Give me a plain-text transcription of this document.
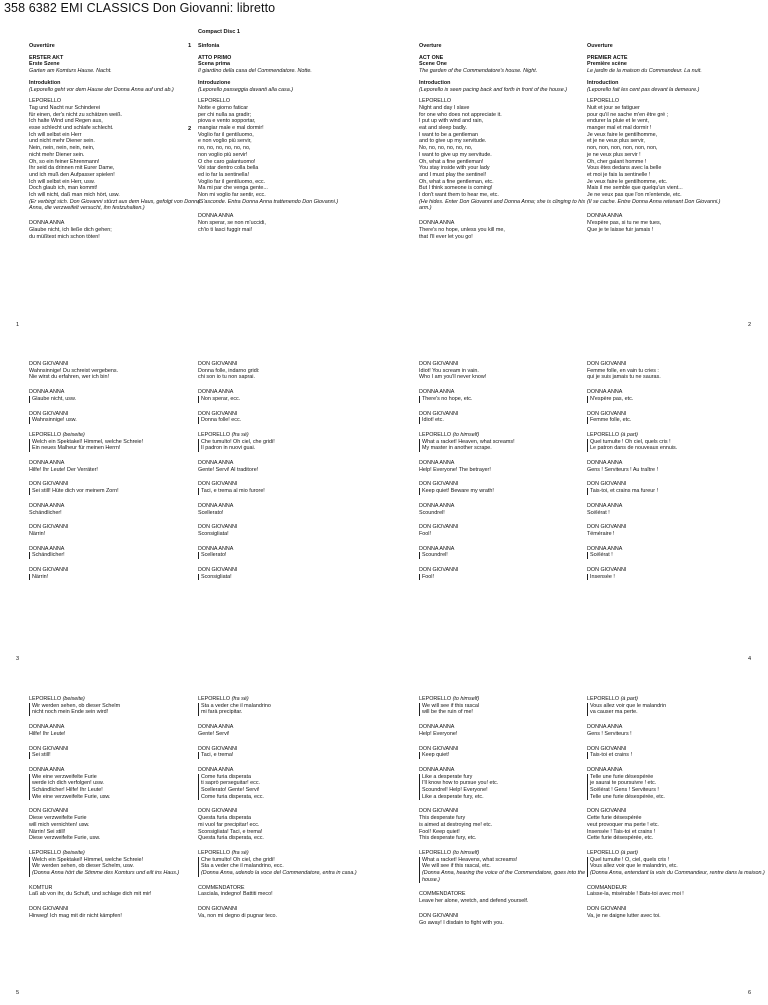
358 6382 EMI CLASSICS Don Giovanni: libretto
Compact Disc 1
1
2

Ouvertüre

ERSTER AKT

Erste Szene

Garten am Komturs Hause. Nacht.

Introduktion

(Leporello geht vor dem Hause der Donna Anna auf und ab.)

LEPORELLO

Tag und Nacht nur Schinderei
für einen, der's nicht zu schätzen weiß.
Ich halte Wind und Regen aus,
esse schlecht und schlafe schlecht.
Ich will selbst ein Herr
und nicht mehr Diener sein.
Nein, nein, nein, nein, nein,
nicht mehr Diener sein.
Oh, so ein feiner Ehrenmann!
Ihr seid da drinnen mit Eurer Dame,
und ich muß den Aufpasser spielen!
Ich will selbst ein Herr, usw.
Doch glaub ich, man kommt!
Ich will nicht, daß man mich hört, usw.

(Er verbirgt sich. Don Giovanni stürzt aus dem Haus, gefolgt von Donna Anna, die verzweifelt versucht, ihn festzuhalten.)

DONNA ANNA

Glaube nicht, ich ließe dich gehen;
du müßtest mich schon töten!

Sinfonia

ATTO PRIMO

Scena prima

Il giardino della casa del Commendatore. Notte.

Introduzione

(Leporello passeggia davanti alla casa.)

LEPORELLO

Notte e giorno faticar
per chi nulla sa gradir;
piova e vento sopportar,
mangiar male e mal dormir!
Voglio far il gentiluomo,
e non voglio più servir,
no, no, no, no, no, no,
non voglio più servir!
O che caro galantuomo!
Voi star dentro colla bella
ed io far la sentinella!
Voglio far il gentiluomo, ecc.
Ma mi par che venga gente...
Non mi voglio far sentir, ecc.

(S'asconde. Entra Donna Anna trattenendo Don Giovanni.)

DONNA ANNA

Non sperar, se non m'uccidi,
ch'io ti lasci fuggir mai!

Overture

ACT ONE

Scene One

The garden of the Commendatore's house. Night.

Introduction

(Leporello is seen pacing back and forth in front of the house.)

LEPORELLO

Night and day I slave
for one who does not appreciate it.
I put up with wind and rain,
eat and sleep badly.
I want to be a gentleman
and to give up my servitude.
No, no, no, no, no, no,
I want to give up my servitude.
Oh, what a fine gentleman!
You stay inside with your lady
and I must play the sentinel!
Oh, what a fine gentleman, etc.
But I think someone is coming!
I don't want them to hear me, etc.

(He hides. Enter Don Giovanni and Donna Anna; she is clinging to his arm.)

DONNA ANNA

There's no hope, unless you kill me,
that I'll ever let you go!

Ouverture

PREMIER ACTE

Première scène

Le jardin de la maison du Commandeur. La nuit.

Introduction

(Leporello fait les cent pas devant la demeure.)

LEPORELLO

Nuit et jour se fatiguer
pour qu'il ne sache m'en être gré ;
endurer la pluie et le vent,
manger mal et mal dormir !
Je veux faire le gentilhomme,
et je ne veux plus servir,
non, non, non, non, non, non,
je ne veux plus servir !
Oh, cher galant homme !
Vous êtes dedans avec la belle
et moi je fais la sentinelle !
Je veux faire le gentilhomme, etc.
Mais il me semble que quelqu'un vient...
Je ne veux pas que l'on m'entende, etc.

(Il se cache. Entre Donna Anna retenant Don Giovanni.)

DONNA ANNA

N'espère pas, si tu ne me tues,
Que je te laisse fuir jamais !

DON GIOVANNI

Wahnsinnige! Du schreist vergebens.
Nie wirst du erfahren, wer ich bin!

DONNA ANNA

Glaube nicht, usw.

DON GIOVANNI

Wahnsinnige! usw.

LEPORELLO (beiseite)

Welch ein Spektakel! Himmel, welche Schreie!
Ein neues Malheur für meinen Herrn!

DONNA ANNA

Hilfe! Ihr Leute! Der Verräter!

DON GIOVANNI

Sei still! Hüte dich vor meinem Zorn!

DONNA ANNA

Schändlicher!

DON GIOVANNI

Närrin!

DONNA ANNA

Schändlicher!

DON GIOVANNI

Närrin!

DON GIOVANNI

Donna folle, indarno gridi:
chi son io tu non saprai.

DONNA ANNA

Non sperar, ecc.

DON GIOVANNI

Donna folle! ecc.

LEPORELLO (fra sé)

Che tumulto! Oh ciel, che gridi!
Il padron in nuovi guai.

DONNA ANNA

Gente! Servi! Al traditore!

DON GIOVANNI

Taci, e trema al mio furore!

DONNA ANNA

Scellerato!

DON GIOVANNI

Sconsigliata!

DONNA ANNA

Scellerato!

DON GIOVANNI

Sconsigliata!

DON GIOVANNI

Idiot! You scream in vain.
Who I am you'll never know!

DONNA ANNA

There's no hope, etc.

DON GIOVANNI

Idiot! etc.

LEPORELLO (to himself)

What a racket! Heaven, what screams!
My master in another scrape.

DONNA ANNA

Help! Everyone! The betrayer!

DON GIOVANNI

Keep quiet! Beware my wrath!

DONNA ANNA

Scoundrel!

DON GIOVANNI

Fool!

DONNA ANNA

Scoundrel!

DON GIOVANNI

Fool!

DON GIOVANNI

Femme folle, en vain tu cries :
qui je suis jamais tu ne sauras.

DONNA ANNA

N'espère pas, etc.

DON GIOVANNI

Femme folle, etc.

LEPORELLO (à part)

Quel tumulte ! Oh ciel, quels cris !
Le patron dans de nouveaux ennuis.

DONNA ANNA

Gens ! Serviteurs ! Au traître !

DON GIOVANNI

Tais-toi, et crains ma fureur !

DONNA ANNA

Scélérat !

DON GIOVANNI

Téméraire !

DONNA ANNA

Scélérat !

DON GIOVANNI

Insensée !

LEPORELLO (beiseite)

Wir werden sehen, ob dieser Schelm
nicht noch mein Ende sein wird!

DONNA ANNA

Hilfe! Ihr Leute!

DON GIOVANNI

Sei still!

DONNA ANNA

Wie eine verzweifelte Furie
werde ich dich verfolgen! usw.
Schändlicher! Hilfe! Ihr Leute!
Wie eine verzweifelte Furie, usw.

DON GIOVANNI

Diese verzweifelte Furie
will mich vernichten! usw.
Närrin! Sei still!
Diese verzweifelte Furie, usw.

LEPORELLO (beiseite)

Welch ein Spektakel! Himmel, welche Schreie!
Wir werden sehen, ob dieser Schelm, usw.
(Donna Anna hört die Stimme des Komturs und eilt ins Haus.)

KOMTUR

Laß ab von ihr, du Schuft, und schlage dich mit mir!

DON GIOVANNI

Hinweg! Ich mag mit dir nicht kämpfen!

LEPORELLO (fra sé)

Sta a veder che il malandrino
mi farà precipitar.

DONNA ANNA

Gente! Servi!

DON GIOVANNI

Taci, e trema!

DONNA ANNA

Come furia disperata
ti saprò perseguitar! ecc.
Scellerato! Gente! Servi!
Come furia disperata, ecc.

DON GIOVANNI

Questa furia disperata
mi vuol far precipitar! ecc.
Sconsigliata! Taci, e trema!
Questa furia disperata, ecc.

LEPORELLO (fra sé)

Che tumulto! Oh ciel, che gridi!
Sta a veder che il malandrino, ecc.
(Donna Anna, udendo la voce del Commendatore, entra in casa.)

COMMENDATORE

Lasciala, indegno! Battiti meco!

DON GIOVANNI

Va, non mi degno di pugnar teco.

LEPORELLO (to himself)

We will see if this rascal
will be the ruin of me!

DONNA ANNA

Help! Everyone!

DON GIOVANNI

Keep quiet!

DONNA ANNA

Like a desperate fury
I'll know how to pursue you! etc.
Scoundrel! Help! Everyone!
Like a desperate fury, etc.

DON GIOVANNI

This desperate fury
is aimed at destroying me! etc.
Fool! Keep quiet!
This desperate fury, etc.

LEPORELLO (to himself)

What a racket! Heavens, what screams!
We will see if this rascal, etc.
(Donna Anna, hearing the voice of the Commendatore, goes into the house.)

COMMENDATORE

Leave her alone, wretch, and defend yourself.

DON GIOVANNI

Go away! I disdain to fight with you.

LEPORELLO (à part)

Vous allez voir que le malandrin
va causer ma perte.

DONNA ANNA

Gens ! Serviteurs !

DON GIOVANNI

Tais-toi et crains !

DONNA ANNA

Telle une furie désespérée
je saurai te poursuivre ! etc.
Scélérat ! Gens ! Serviteurs !
Telle une furie désespérée, etc.

DON GIOVANNI

Cette furie désespérée
veut provoquer ma perte ! etc.
Insensée ! Tais-toi et crains !
Cette furie désespérée, etc.

LEPORELLO (à part)

Quel tumulte ! O, ciel, quels cris !
Vous allez voir que le malandrin, etc.
(Donna Anna, entendant la voix du Commandeur, rentre dans la maison.)

COMMANDEUR

Laisse-la, misérable ! Bats-toi avec moi !

DON GIOVANNI

Va, je ne daigne lutter avec toi.

1	2
3	4
5	6
